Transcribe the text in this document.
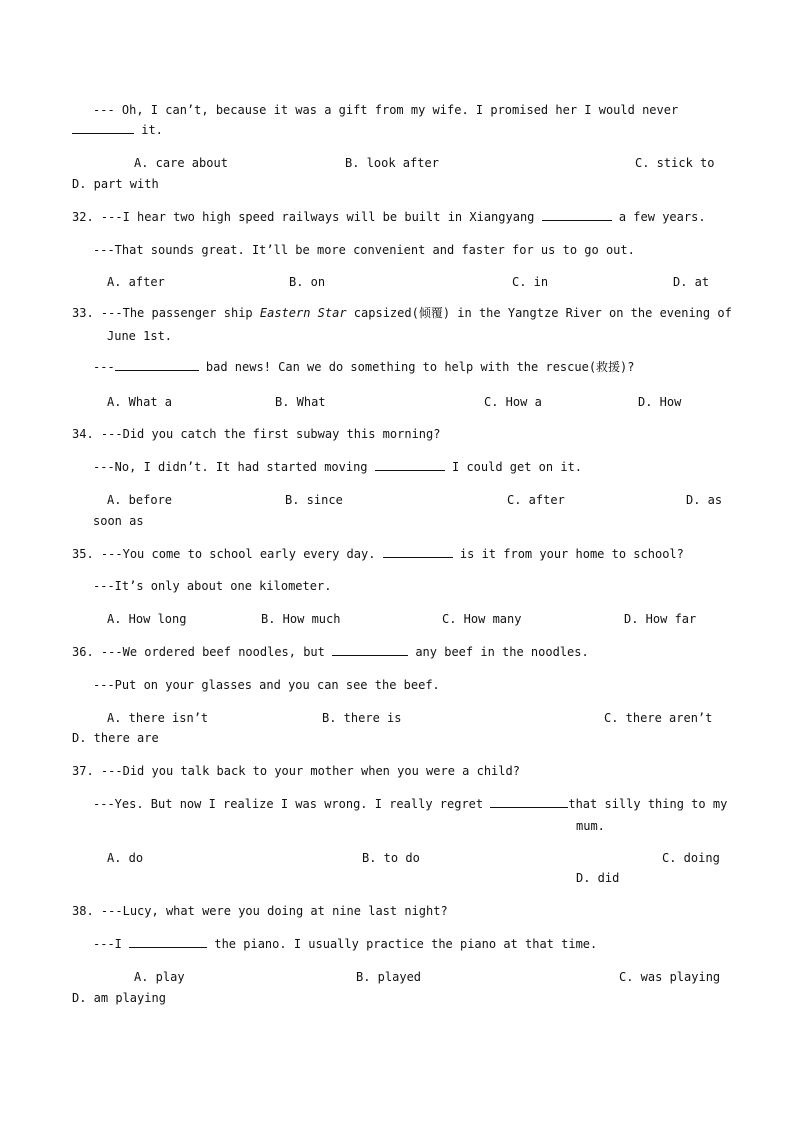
--- Oh, I can’t, because it was a gift from my wife. I promised her I would never
it.
A. care about	B. look after	C. stick to
D. part with
32. ---I hear two high speed railways will be built in Xiangyang	a few years.
---That sounds great. It’ll be more convenient and faster for us to go out.
A. after	B. on	C. in	D. at
33. ---The passenger ship Eastern Star capsized(倾覆) in the Yangtze River on the evening of
June 1st.
---	bad news! Can we do something to help with the rescue(救援)?
A. What a	B. What	C. How a	D. How
34. ---Did you catch the first subway this morning?
---No, I didn’t. It had started moving	I could get on it.
A. before	B. since	C. after	D. as
soon as
35. ---You come to school early every day.	is it from your home to school?
---It’s only about one kilometer.
A. How long	B. How much	C. How many	D. How far
36. ---We ordered beef noodles, but	any beef in the noodles.
---Put on your glasses and you can see the beef.
A. there isn’t	B. there is	C. there aren’t
D. there are
37. ---Did you talk back to your mother when you were a child?
---Yes. But now I realize I was wrong. I really regret	that silly thing to my
mum.
A. do	B. to do	C. doing
D. did
38. ---Lucy, what were you doing at nine last night?
---I	the piano. I usually practice the piano at that time.
A. play	B. played	C. was playing
D. am playing
